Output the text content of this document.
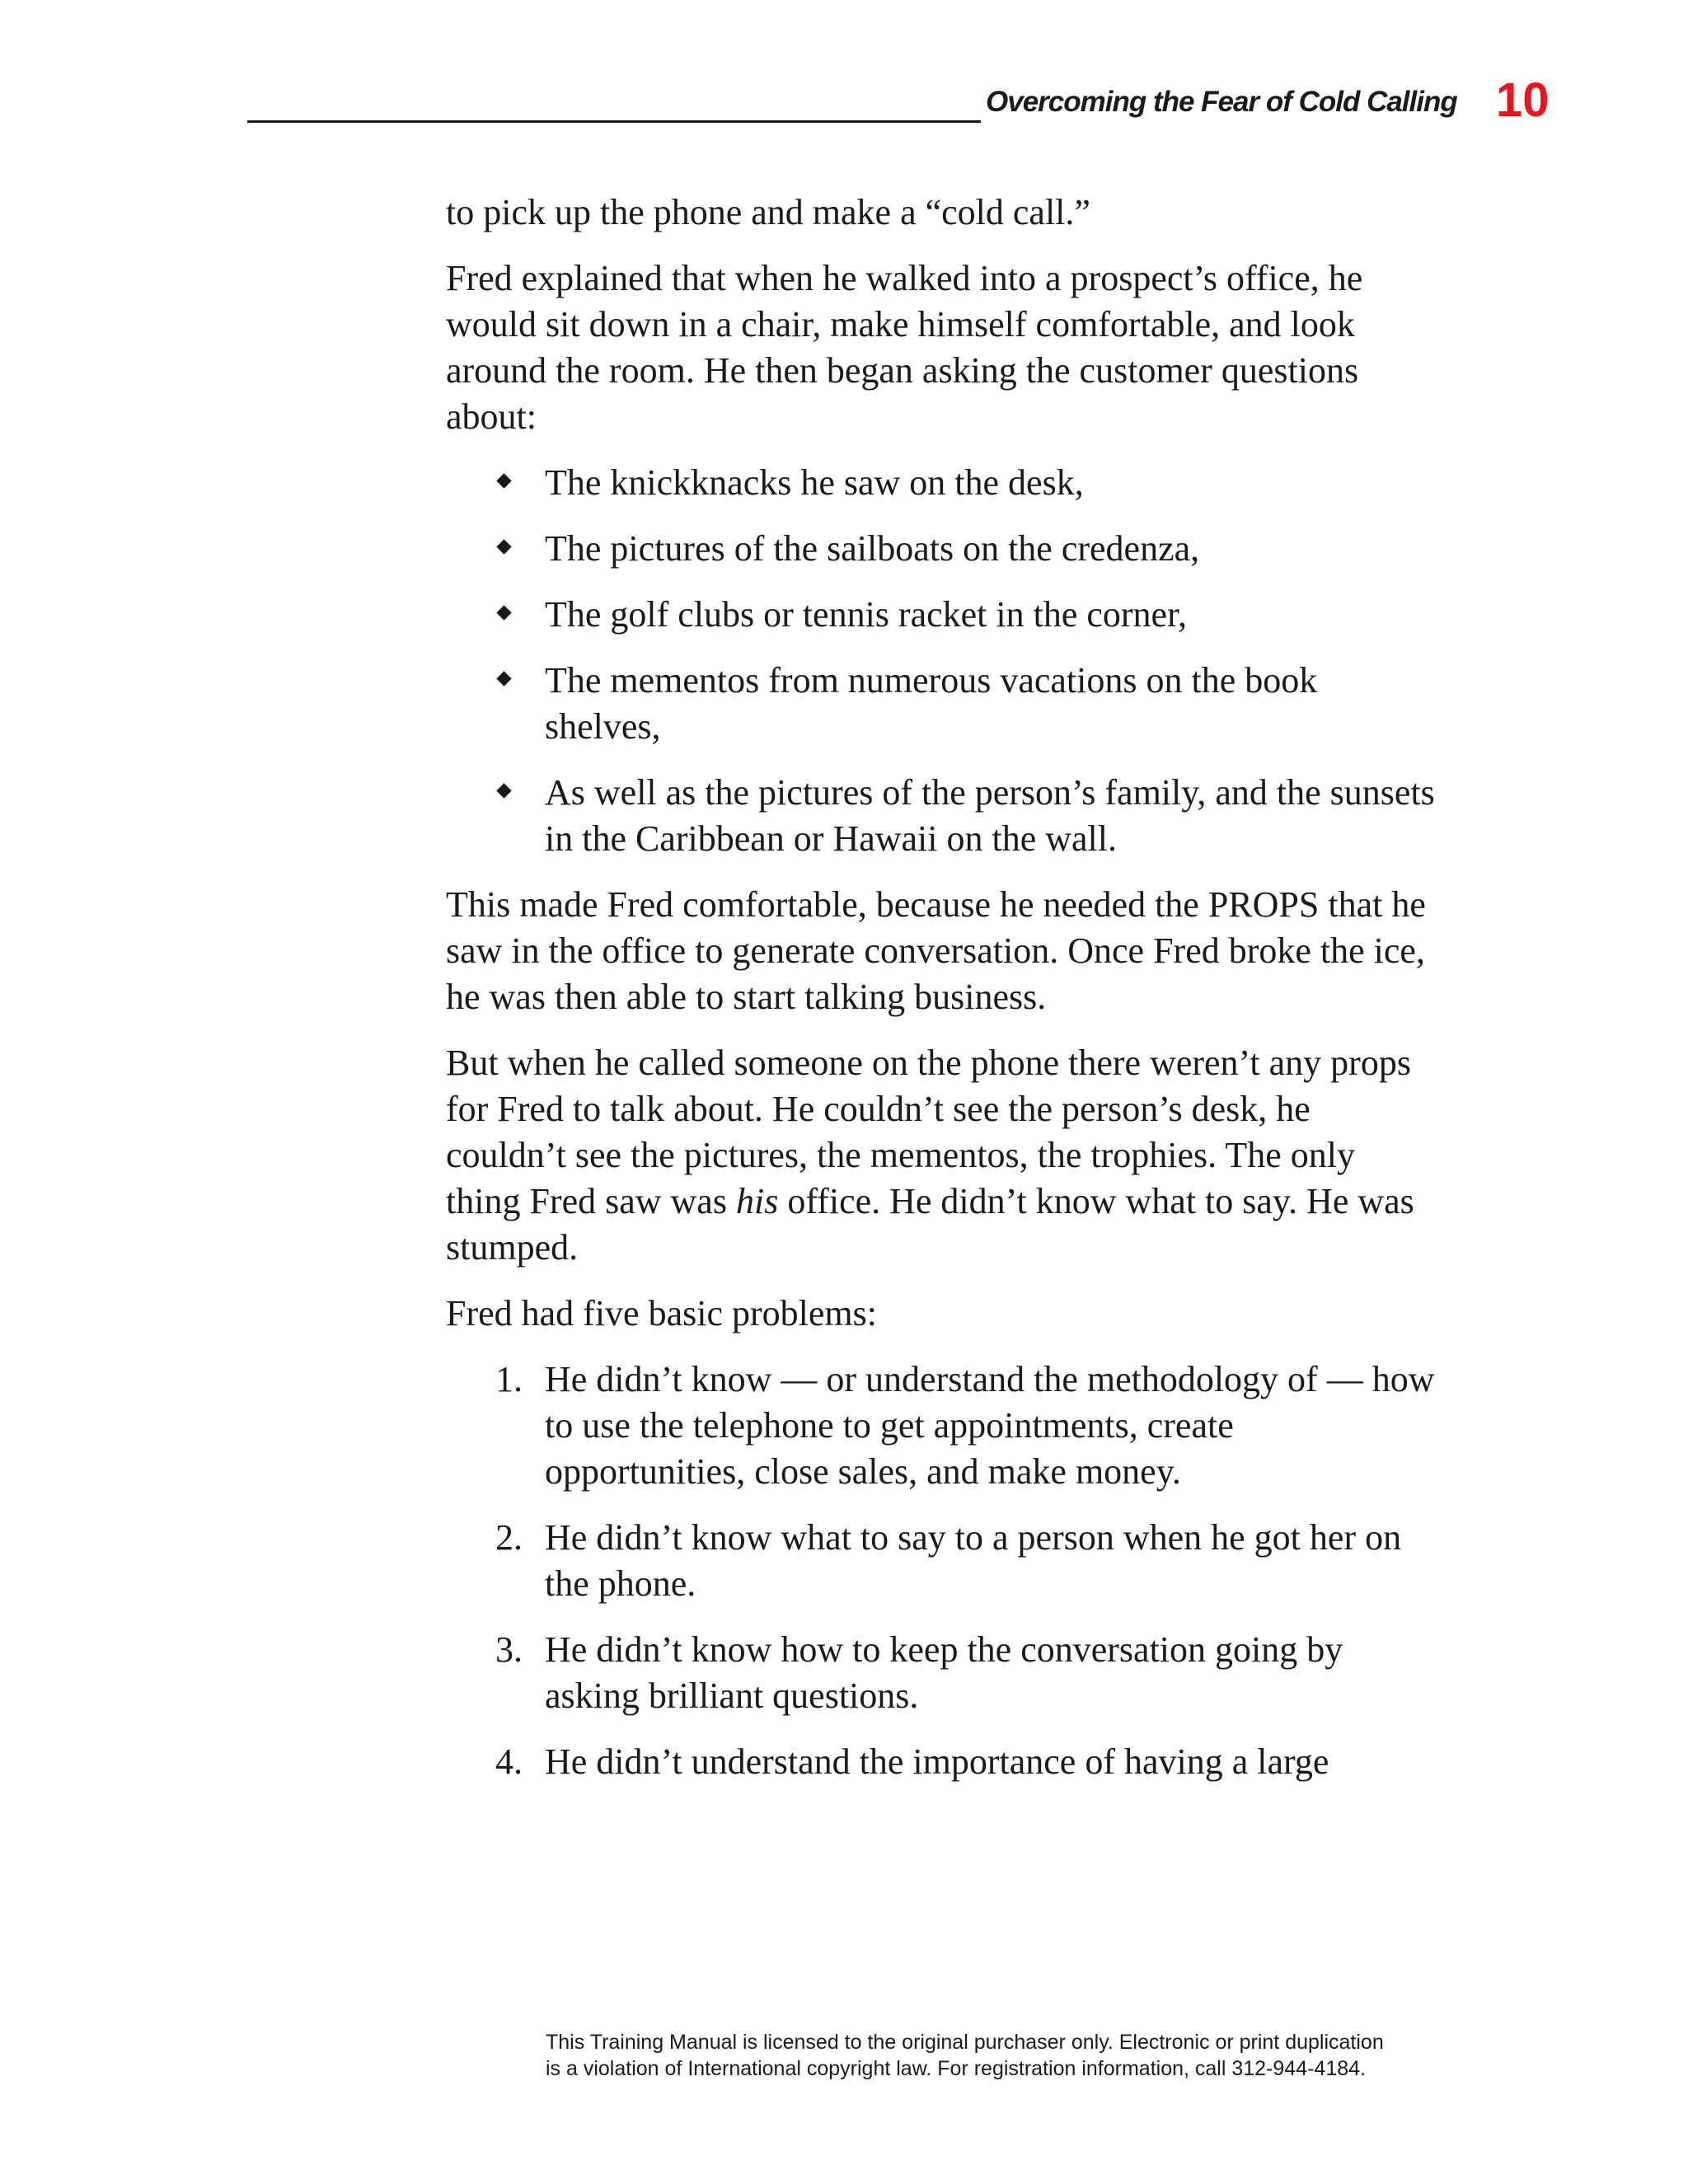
Overcoming the Fear of Cold Calling 10

to pick up the phone and make a “cold call.”

Fred explained that when he walked into a prospect’s office, he would sit down in a chair, make himself comfortable, and look around the room. He then began asking the customer questions about:

The knickknacks he saw on the desk,
The pictures of the sailboats on the credenza,
The golf clubs or tennis racket in the corner,
The mementos from numerous vacations on the book shelves,
As well as the pictures of the person’s family, and the sunsets in the Caribbean or Hawaii on the wall.

This made Fred comfortable, because he needed the PROPS that he saw in the office to generate conversation. Once Fred broke the ice, he was then able to start talking business.

But when he called someone on the phone there weren’t any props for Fred to talk about. He couldn’t see the person’s desk, he couldn’t see the pictures, the mementos, the trophies. The only thing Fred saw was his office. He didn’t know what to say. He was stumped.

Fred had five basic problems:

1. He didn’t know — or understand the methodology of — how to use the telephone to get appointments, create opportunities, close sales, and make money.
2. He didn’t know what to say to a person when he got her on the phone.
3. He didn’t know how to keep the conversation going by asking brilliant questions.
4. He didn’t understand the importance of having a large
This Training Manual is licensed to the original purchaser only. Electronic or print duplication
is a violation of International copyright law. For registration information, call 312-944-4184.
